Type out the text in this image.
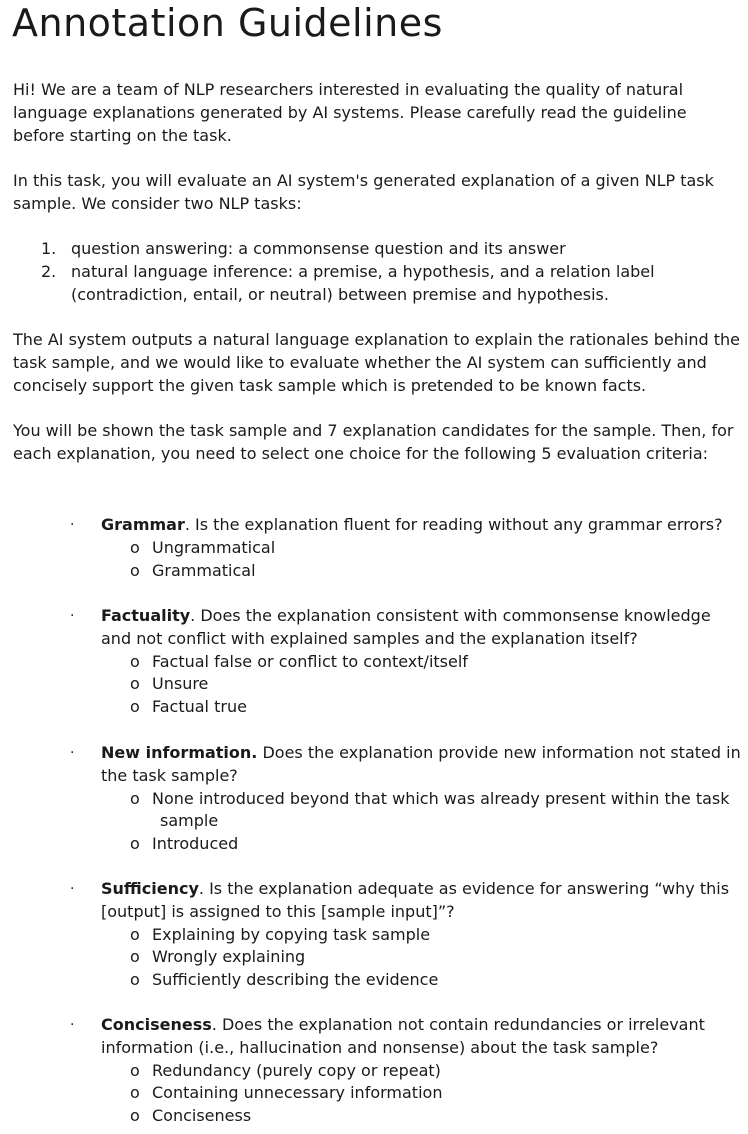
Annotation Guidelines

Hi! We are a team of NLP researchers interested in evaluating the quality of natural language explanations generated by AI systems. Please carefully read the guideline before starting on the task.

In this task, you will evaluate an AI system's generated explanation of a given NLP task sample. We consider two NLP tasks:

1. question answering: a commonsense question and its answer
2. natural language inference: a premise, a hypothesis, and a relation label (contradiction, entail, or neutral) between premise and hypothesis.

The AI system outputs a natural language explanation to explain the rationales behind the task sample, and we would like to evaluate whether the AI system can sufficiently and concisely support the given task sample which is pretended to be known facts.

You will be shown the task sample and 7 explanation candidates for the sample. Then, for each explanation, you need to select one choice for the following 5 evaluation criteria:

· Grammar. Is the explanation fluent for reading without any grammar errors?
o Ungrammatical
o Grammatical
· Factuality. Does the explanation consistent with commonsense knowledge and not conflict with explained samples and the explanation itself?
o Factual false or conflict to context/itself
o Unsure
o Factual true
· New information. Does the explanation provide new information not stated in the task sample?
o None introduced beyond that which was already present within the task
sample
o Introduced
· Sufficiency. Is the explanation adequate as evidence for answering “why this [output] is assigned to this [sample input]”?
o Explaining by copying task sample
o Wrongly explaining
o Sufficiently describing the evidence
· Conciseness. Does the explanation not contain redundancies or irrelevant information (i.e., hallucination and nonsense) about the task sample?
o Redundancy (purely copy or repeat)
o Containing unnecessary information
o Conciseness
